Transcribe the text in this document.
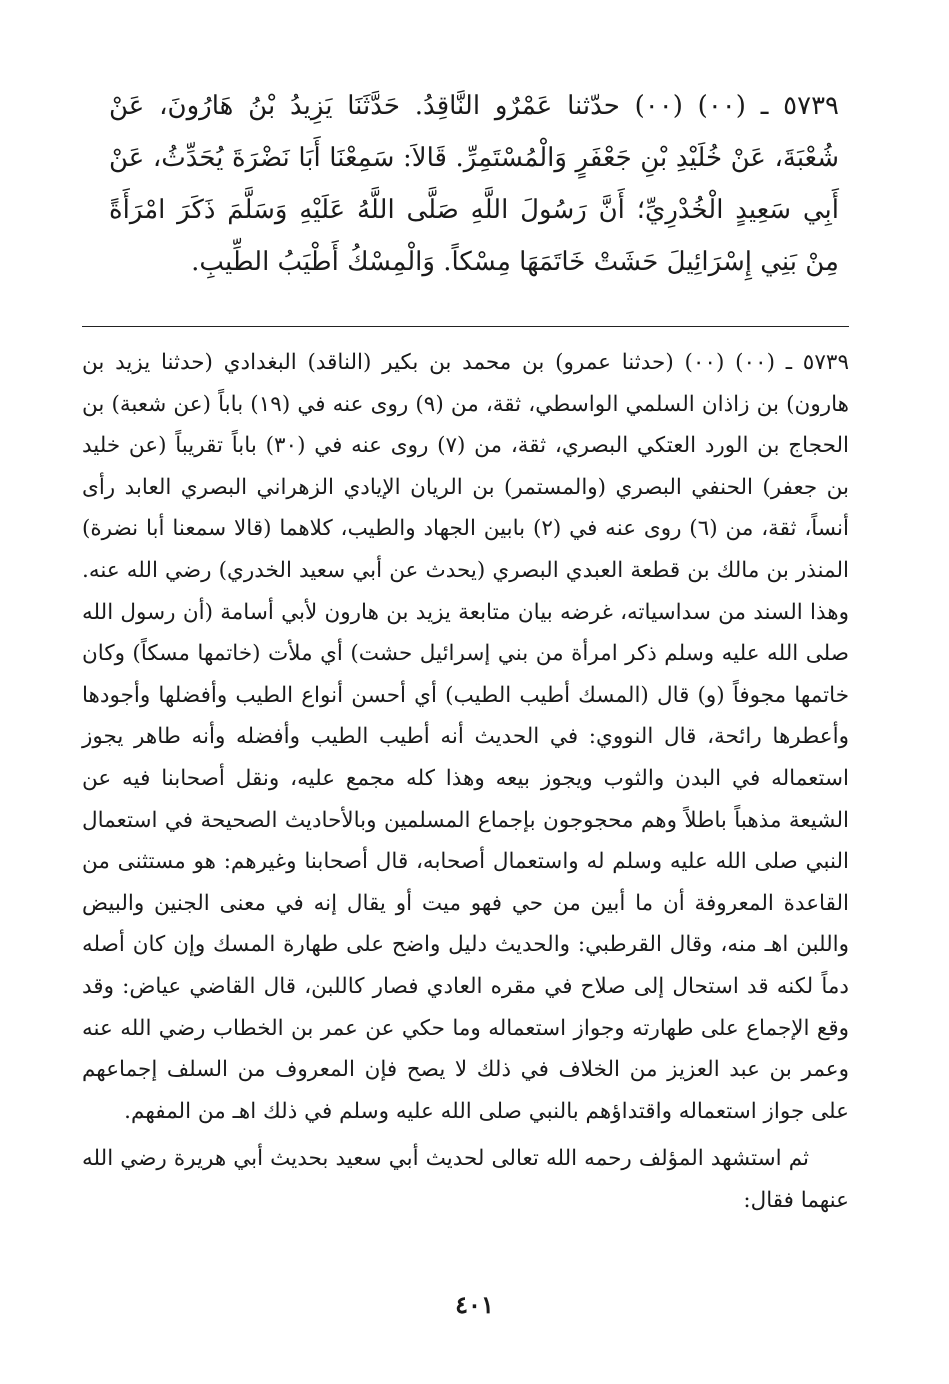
٥٧٣٩ ـ (٠٠) (٠٠) حدّثنا عَمْرٌو النَّاقِدُ. حَدَّثَنَا يَزِيدُ بْنُ هَارُونَ، عَنْ شُعْبَةَ، عَنْ خُلَيْدِ بْنِ جَعْفَرٍ وَالْمُسْتَمِرِّ. قَالاَ: سَمِعْنَا أَبَا نَضْرَةَ يُحَدِّثُ، عَنْ أَبِي سَعِيدٍ الْخُدْرِيِّ؛ أَنَّ رَسُولَ اللَّهِ صَلَّى اللَّهُ عَلَيْهِ وَسَلَّمَ ذَكَرَ امْرَأَةً مِنْ بَنِي إِسْرَائِيلَ حَشَتْ خَاتَمَهَا مِسْكاً. وَالْمِسْكُ أَطْيَبُ الطِّيبِ.

٥٧٣٩ ـ (٠٠) (٠٠) (حدثنا عمرو) بن محمد بن بكير (الناقد) البغدادي (حدثنا يزيد بن هارون) بن زاذان السلمي الواسطي، ثقة، من (٩) روى عنه في (١٩) باباً (عن شعبة) بن الحجاج بن الورد العتكي البصري، ثقة، من (٧) روى عنه في (٣٠) باباً تقريباً (عن خليد بن جعفر) الحنفي البصري (والمستمر) بن الريان الإيادي الزهراني البصري العابد رأى أنساً، ثقة، من (٦) روى عنه في (٢) بابين الجهاد والطيب، كلاهما (قالا سمعنا أبا نضرة) المنذر بن مالك بن قطعة العبدي البصري (يحدث عن أبي سعيد الخدري) رضي الله عنه. وهذا السند من سداسياته، غرضه بيان متابعة يزيد بن هارون لأبي أسامة (أن رسول الله صلى الله عليه وسلم ذكر امرأة من بني إسرائيل حشت) أي ملأت (خاتمها مسكاً) وكان خاتمها مجوفاً (و) قال (المسك أطيب الطيب) أي أحسن أنواع الطيب وأفضلها وأجودها وأعطرها رائحة، قال النووي: في الحديث أنه أطيب الطيب وأفضله وأنه طاهر يجوز استعماله في البدن والثوب ويجوز بيعه وهذا كله مجمع عليه، ونقل أصحابنا فيه عن الشيعة مذهباً باطلاً وهم محجوجون بإجماع المسلمين وبالأحاديث الصحيحة في استعمال النبي صلى الله عليه وسلم له واستعمال أصحابه، قال أصحابنا وغيرهم: هو مستثنى من القاعدة المعروفة أن ما أبين من حي فهو ميت أو يقال إنه في معنى الجنين والبيض واللبن اهـ منه، وقال القرطبي: والحديث دليل واضح على طهارة المسك وإن كان أصله دماً لكنه قد استحال إلى صلاح في مقره العادي فصار كاللبن، قال القاضي عياض: وقد وقع الإجماع على طهارته وجواز استعماله وما حكي عن عمر بن الخطاب رضي الله عنه وعمر بن عبد العزيز من الخلاف في ذلك لا يصح فإن المعروف من السلف إجماعهم على جواز استعماله واقتداؤهم بالنبي صلى الله عليه وسلم في ذلك اهـ من المفهم.

ثم استشهد المؤلف رحمه الله تعالى لحديث أبي سعيد بحديث أبي هريرة رضي الله عنهما فقال:

٤٠١
